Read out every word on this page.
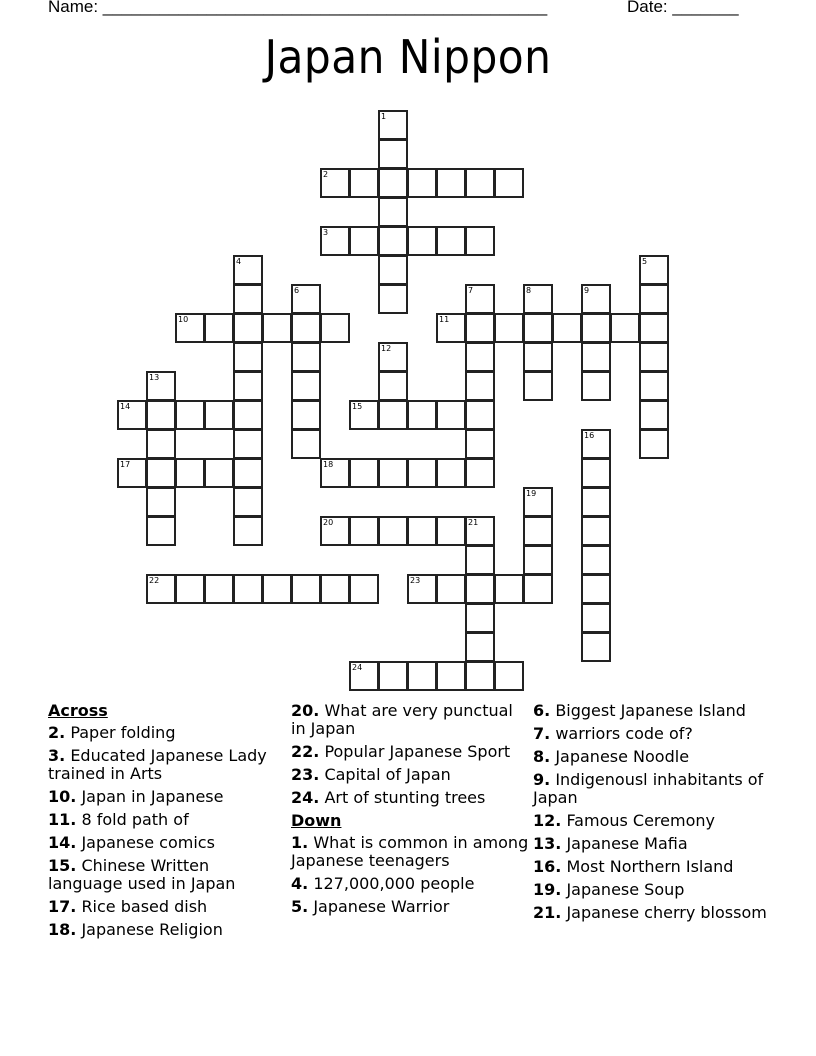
Name: _______________________________________________	Date: _______
Japan Nippon
1
2
3
4	5
6	7	8	9
10	11
12
13
14	15
16
17	18
19
20	21
22	23
24
Across
2. Paper folding
3. Educated Japanese Lady trained in Arts
10. Japan in Japanese
11. 8 fold path of
14. Japanese comics
15. Chinese Written language used in Japan
17. Rice based dish
18. Japanese Religion
20. What are very punctual in Japan
22. Popular Japanese Sport
23. Capital of Japan
24. Art of stunting trees
Down
1. What is common in among Japanese teenagers
4. 127,000,000 people
5. Japanese Warrior
6. Biggest Japanese Island
7. warriors code of?
8. Japanese Noodle
9. Indigenousl inhabitants of Japan
12. Famous Ceremony
13. Japanese Mafia
16. Most Northern Island
19. Japanese Soup
21. Japanese cherry blossom
